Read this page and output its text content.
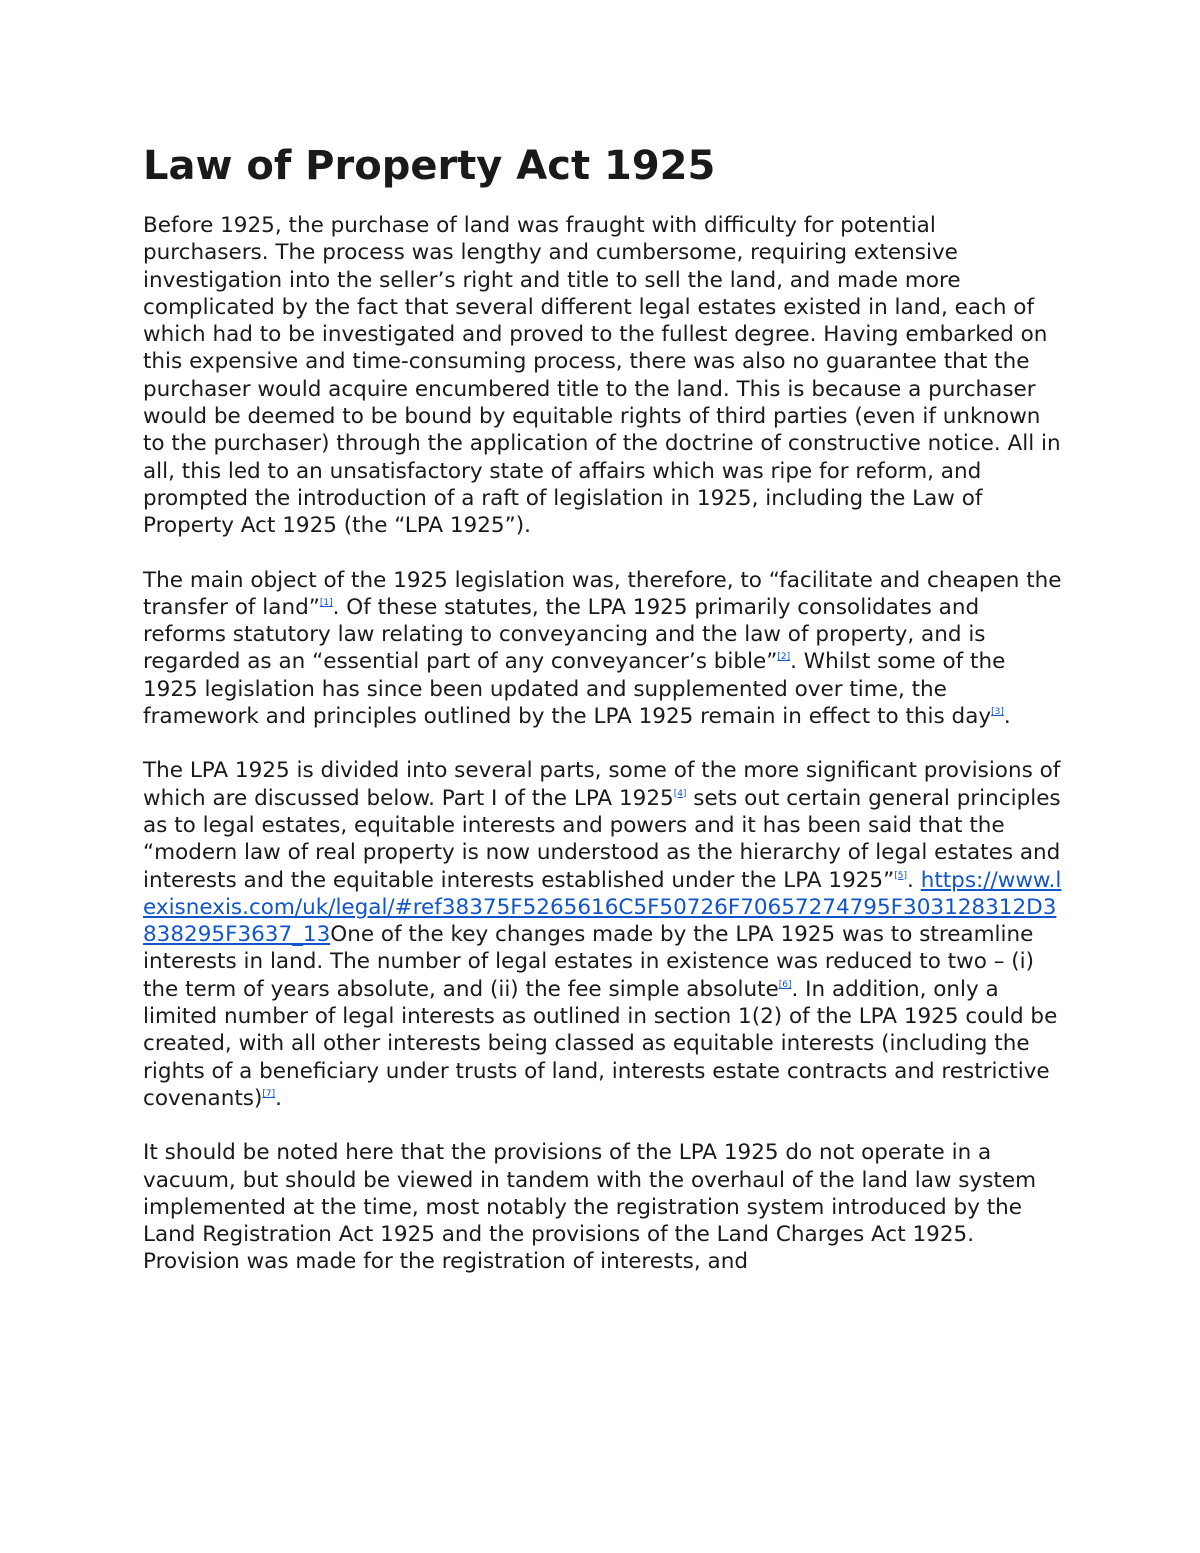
Law of Property Act 1925

Before 1925, the purchase of land was fraught with difficulty for potential purchasers. The process was lengthy and cumbersome, requiring extensive investigation into the seller’s right and title to sell the land, and made more complicated by the fact that several different legal estates existed in land, each of which had to be investigated and proved to the fullest degree. Having embarked on this expensive and time-consuming process, there was also no guarantee that the purchaser would acquire encumbered title to the land. This is because a purchaser would be deemed to be bound by equitable rights of third parties (even if unknown to the purchaser) through the application of the doctrine of constructive notice. All in all, this led to an unsatisfactory state of affairs which was ripe for reform, and prompted the introduction of a raft of legislation in 1925, including the Law of Property Act 1925 (the “LPA 1925”).

The main object of the 1925 legislation was, therefore, to “facilitate and cheapen the transfer of land”[1]. Of these statutes, the LPA 1925 primarily consolidates and reforms statutory law relating to conveyancing and the law of property, and is regarded as an “essential part of any conveyancer’s bible”[2]. Whilst some of the 1925 legislation has since been updated and supplemented over time, the framework and principles outlined by the LPA 1925 remain in effect to this day[3].

The LPA 1925 is divided into several parts, some of the more significant provisions of which are discussed below. Part I of the LPA 1925[4] sets out certain general principles as to legal estates, equitable interests and powers and it has been said that the “modern law of real property is now understood as the hierarchy of legal estates and interests and the equitable interests established under the LPA 1925”[5]. https://www.lexisnexis.com/uk/legal/#ref38375F5265616C5F50726F70657274795F303128312D3838295F3637_13One of the key changes made by the LPA 1925 was to streamline interests in land. The number of legal estates in existence was reduced to two – (i) the term of years absolute, and (ii) the fee simple absolute[6]. In addition, only a limited number of legal interests as outlined in section 1(2) of the LPA 1925 could be created, with all other interests being classed as equitable interests (including the rights of a beneficiary under trusts of land, interests estate contracts and restrictive covenants)[7].

It should be noted here that the provisions of the LPA 1925 do not operate in a vacuum, but should be viewed in tandem with the overhaul of the land law system implemented at the time, most notably the registration system introduced by the Land Registration Act 1925 and the provisions of the Land Charges Act 1925. Provision was made for the registration of interests, and
